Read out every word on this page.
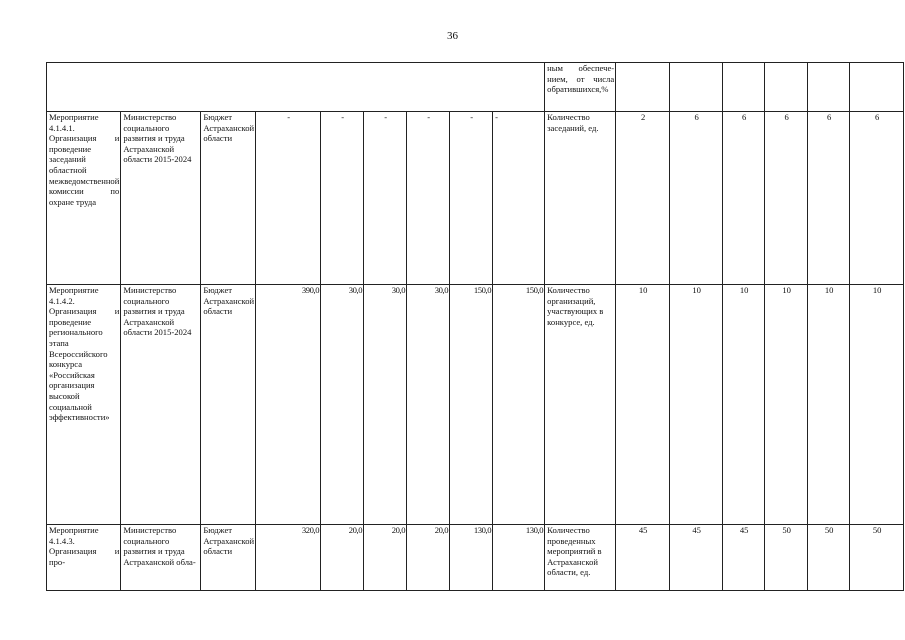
36
									ным обеспече-нием, от числа обратившихся,%						
Мероприятие 4.1.4.1. Организация и проведение заседаний областной межведомственной комиссии по охране труда	Министерство социального развития и труда Астраханской области 2015-2024	Бюджет Астраханской области	-	-	-	-	-	-	Количество заседаний, ед.	2	6	6	6	6	6
Мероприятие 4.1.4.2. Организация и проведение регионального этапа Всероссийского конкурса «Российская организация высокой социальной эффективности»	Министерство социального развития и труда Астраханской области 2015-2024	Бюджет Астраханской области	390,0	30,0	30,0	30,0	150,0	150,0	Количество организаций, участвующих в конкурсе, ед.	10	10	10	10	10	10
Мероприятие 4.1.4.3. Организация и про-	Министерство социального развития и труда Астраханской обла-	Бюджет Астраханской области	320,0	20,0	20,0	20,0	130,0	130,0	Количество проведенных мероприятий в Астраханской области, ед.	45	45	45	50	50	50
